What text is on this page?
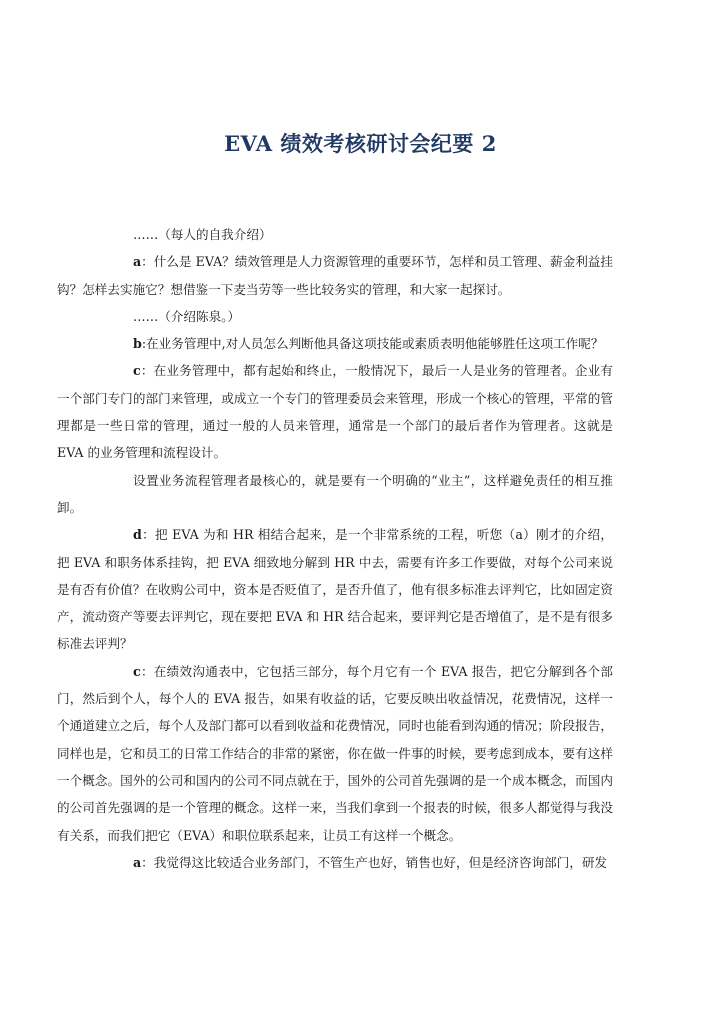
EVA 绩效考核研讨会纪要 2

……（每人的自我介绍）

a：什么是 EVA？绩效管理是人力资源管理的重要环节，怎样和员工管理、薪金利益挂钩？怎样去实施它？想借鉴一下麦当劳等一些比较务实的管理，和大家一起探讨。

……（介绍陈泉。）

b:在业务管理中,对人员怎么判断他具备这项技能或素质表明他能够胜任这项工作呢？

c：在业务管理中，都有起始和终止，一般情况下，最后一人是业务的管理者。企业有一个部门专门的部门来管理，或成立一个专门的管理委员会来管理，形成一个核心的管理，平常的管理都是一些日常的管理，通过一般的人员来管理，通常是一个部门的最后者作为管理者。这就是 EVA 的业务管理和流程设计。

设置业务流程管理者最核心的，就是要有一个明确的“业主”，这样避免责任的相互推卸。

d：把 EVA 为和 HR 相结合起来，是一个非常系统的工程，听您（a）刚才的介绍，把 EVA 和职务体系挂钩，把 EVA 细致地分解到 HR 中去，需要有许多工作要做，对每个公司来说是有否有价值？在收购公司中，资本是否贬值了，是否升值了，他有很多标准去评判它，比如固定资产，流动资产等要去评判它，现在要把 EVA 和 HR 结合起来，要评判它是否增值了，是不是有很多标准去评判？

c：在绩效沟通表中，它包括三部分，每个月它有一个 EVA 报告，把它分解到各个部门，然后到个人，每个人的 EVA 报告，如果有收益的话，它要反映出收益情况，花费情况，这样一个通道建立之后，每个人及部门都可以看到收益和花费情况，同时也能看到沟通的情况；阶段报告，同样也是，它和员工的日常工作结合的非常的紧密，你在做一件事的时候，要考虑到成本，要有这样一个概念。国外的公司和国内的公司不同点就在于，国外的公司首先强调的是一个成本概念，而国内的公司首先强调的是一个管理的概念。这样一来，当我们拿到一个报表的时候，很多人都觉得与我没有关系，而我们把它（EVA）和职位联系起来，让员工有这样一个概念。

a：我觉得这比较适合业务部门，不管生产也好，销售也好，但是经济咨询部门，研发
